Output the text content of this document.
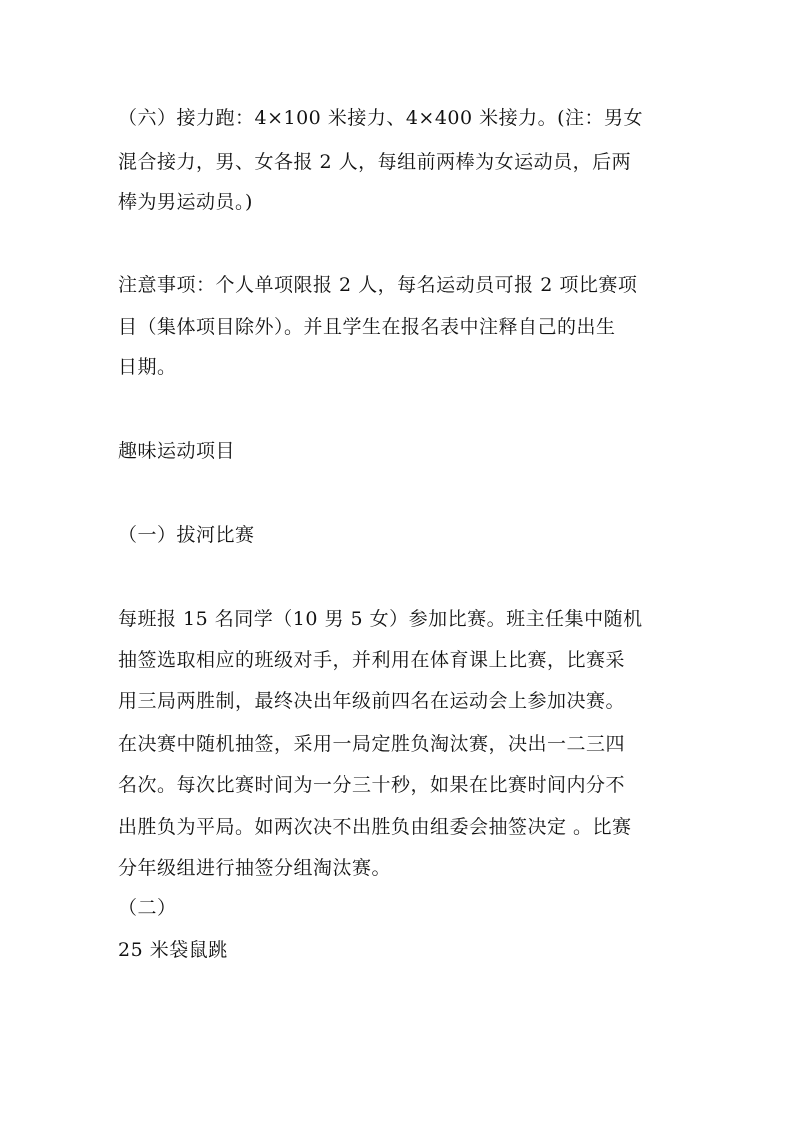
（六）接力跑：4×100 米接力、4×400 米接力。(注：男女
混合接力，男、女各报 2 人，每组前两棒为女运动员，后两
棒为男运动员。)
注意事项：个人单项限报 2 人，每名运动员可报 2 项比赛项
目（集体项目除外）。并且学生在报名表中注释自己的出生
日期。
趣味运动项目
（一）拔河比赛
每班报 15 名同学（10 男 5 女）参加比赛。班主任集中随机
抽签选取相应的班级对手，并利用在体育课上比赛，比赛采
用三局两胜制，最终决出年级前四名在运动会上参加决赛。
在决赛中随机抽签，采用一局定胜负淘汰赛，决出一二三四
名次。每次比赛时间为一分三十秒，如果在比赛时间内分不
出胜负为平局。如两次决不出胜负由组委会抽签决定 。比赛
分年级组进行抽签分组淘汰赛。
（二）
25 米袋鼠跳
